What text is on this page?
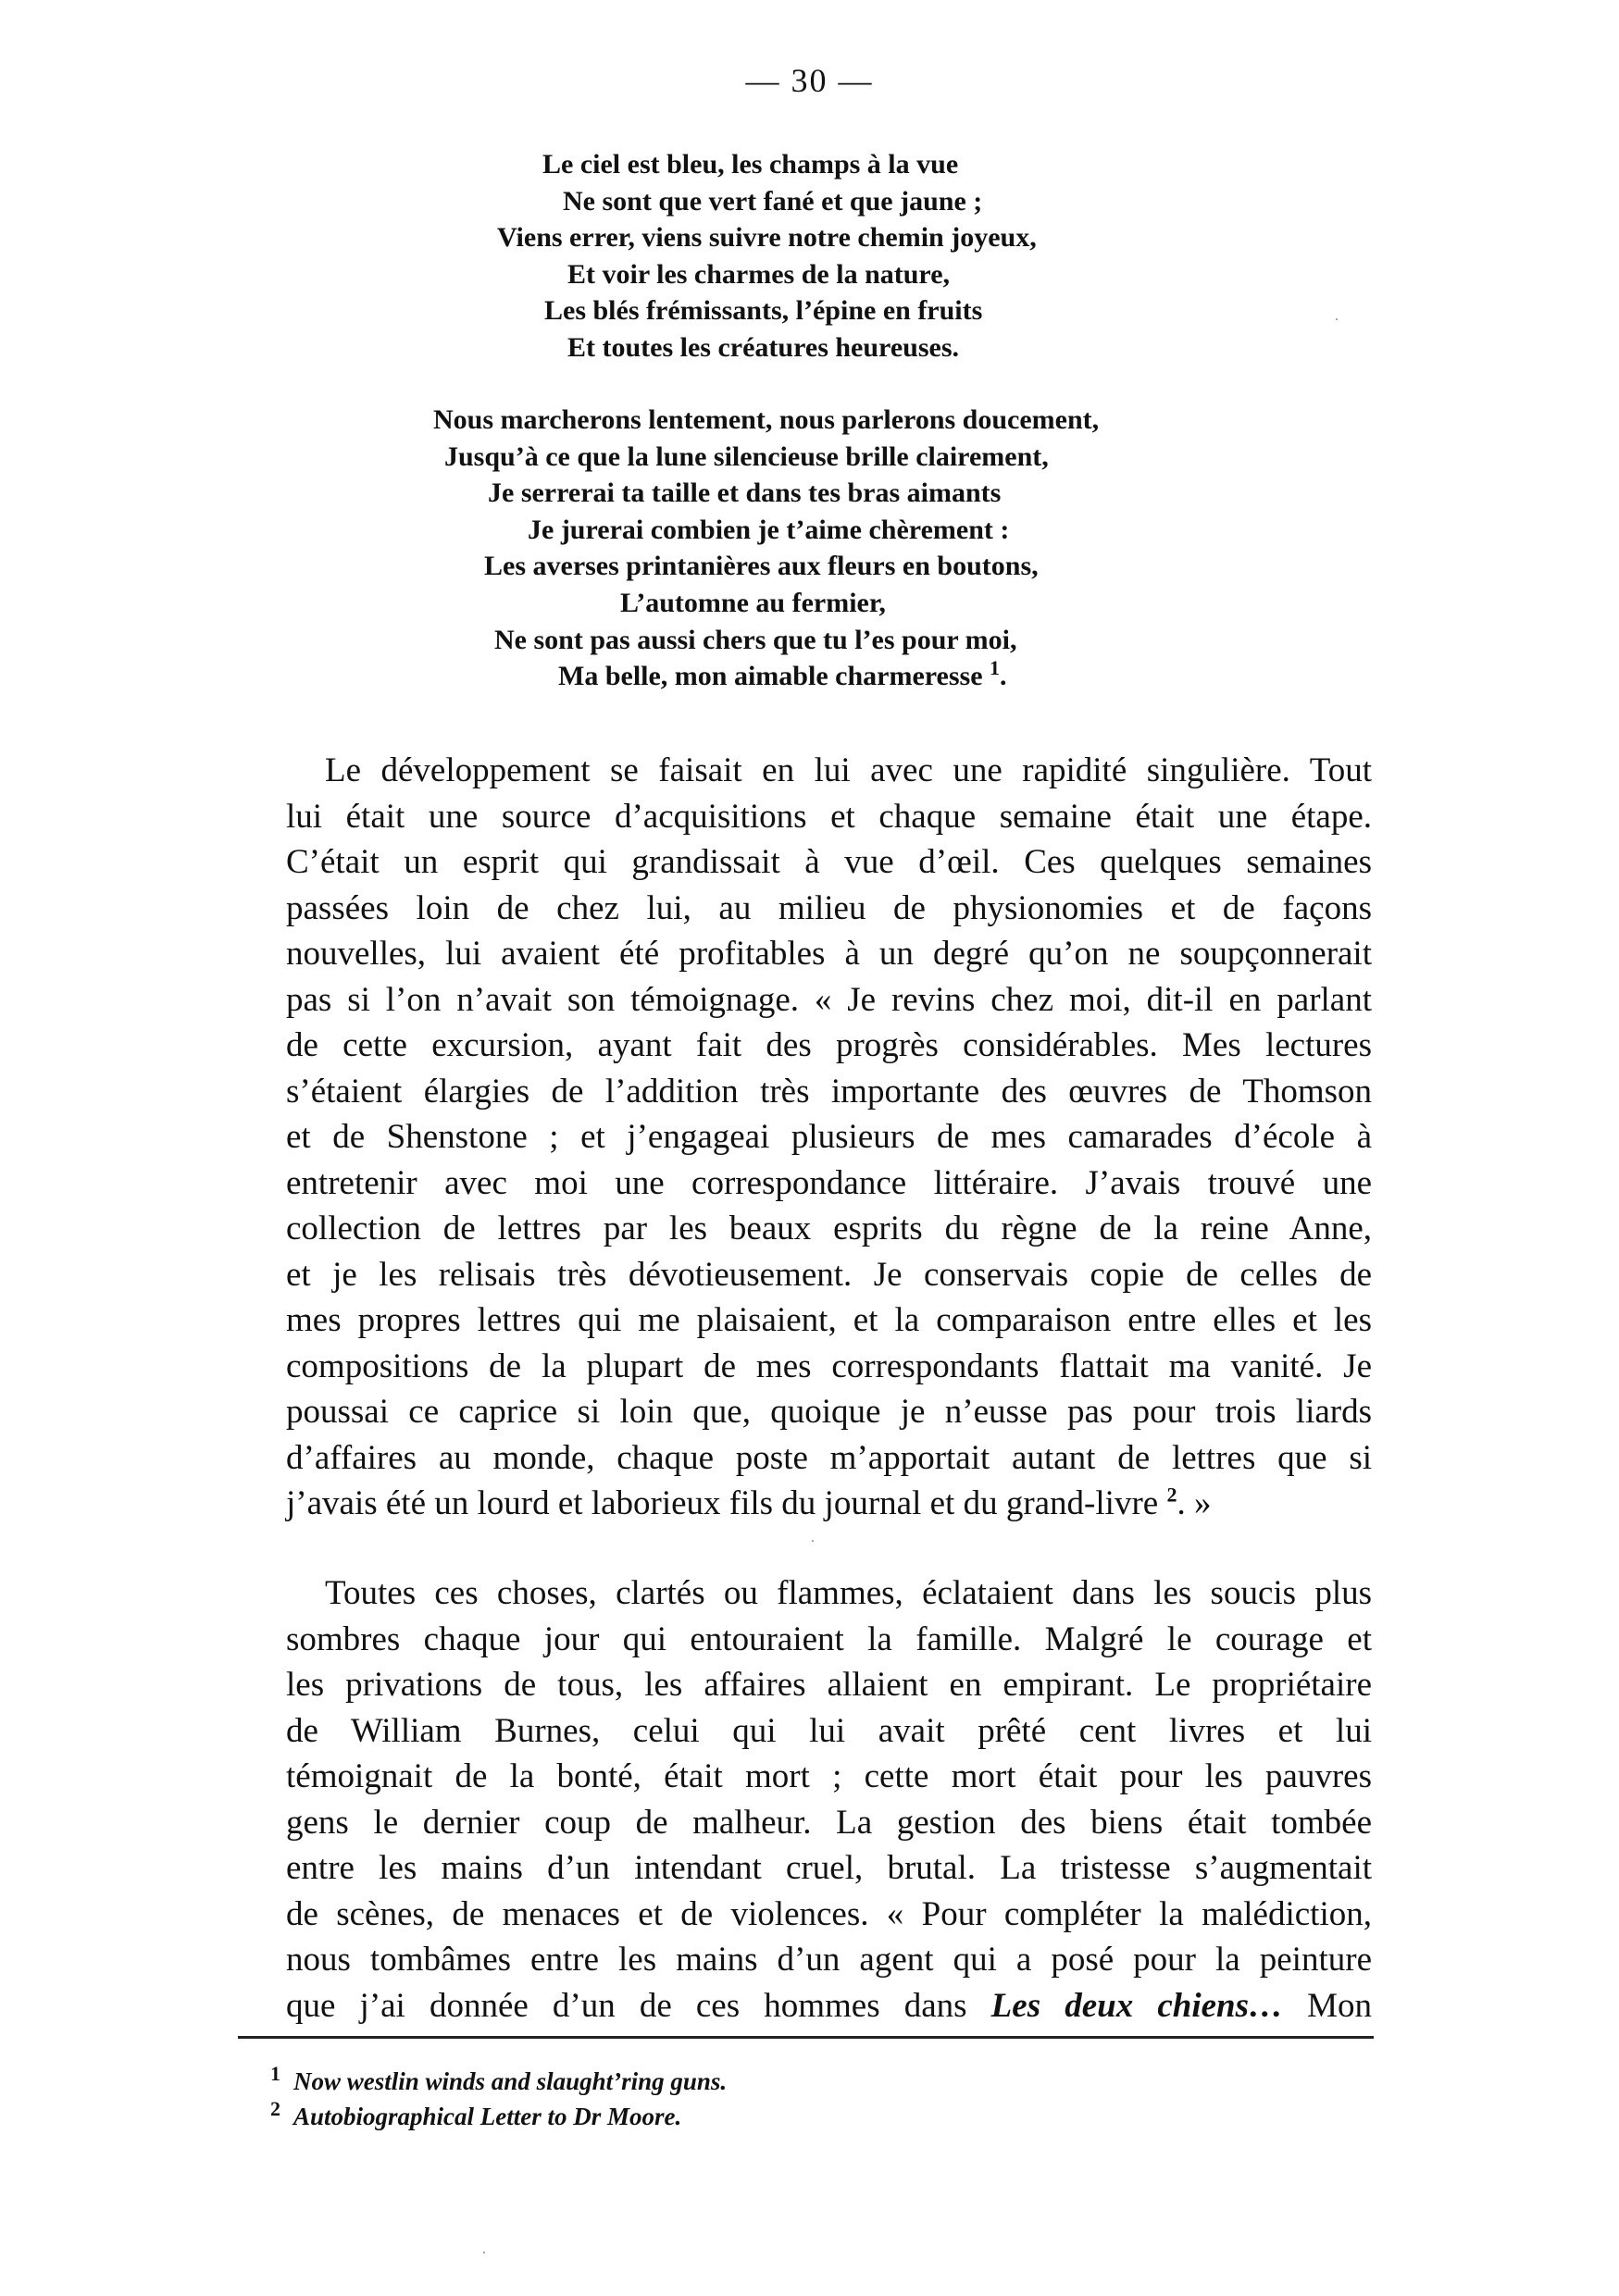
— 30 —
Le ciel est bleu, les champs à la vue
Ne sont que vert fané et que jaune ;
Viens errer, viens suivre notre chemin joyeux,
Et voir les charmes de la nature,
Les blés frémissants, l’épine en fruits
Et toutes les créatures heureuses.
Nous marcherons lentement, nous parlerons doucement,
Jusqu’à ce que la lune silencieuse brille clairement,
Je serrerai ta taille et dans tes bras aimants
Je jurerai combien je t’aime chèrement :
Les averses printanières aux fleurs en boutons,
L’automne au fermier,
Ne sont pas aussi chers que tu l’es pour moi,
Ma belle, mon aimable charmeresse $^1$.
Le développement se faisait en lui avec une rapidité singulière. Tout
lui était une source d’acquisitions et chaque semaine était une étape.
C’était un esprit qui grandissait à vue d’œil. Ces quelques semaines
passées loin de chez lui, au milieu de physionomies et de façons
nouvelles, lui avaient été profitables à un degré qu’on ne soupçonnerait
pas si l’on n’avait son témoignage. « Je revins chez moi, dit-il en parlant
de cette excursion, ayant fait des progrès considérables. Mes lectures
s’étaient élargies de l’addition très importante des œuvres de Thomson
et de Shenstone ; et j’engageai plusieurs de mes camarades d’école à
entretenir avec moi une correspondance littéraire. J’avais trouvé une
collection de lettres par les beaux esprits du règne de la reine Anne,
et je les relisais très dévotieusement. Je conservais copie de celles de
mes propres lettres qui me plaisaient, et la comparaison entre elles et les
compositions de la plupart de mes correspondants flattait ma vanité. Je
poussai ce caprice si loin que, quoique je n’eusse pas pour trois liards
d’affaires au monde, chaque poste m’apportait autant de lettres que si
j’avais été un lourd et laborieux fils du journal et du grand-livre $^2$. »
Toutes ces choses, clartés ou flammes, éclataient dans les soucis plus
sombres chaque jour qui entouraient la famille. Malgré le courage et
les privations de tous, les affaires allaient en empirant. Le propriétaire
de William Burnes, celui qui lui avait prêté cent livres et lui
témoignait de la bonté, était mort ; cette mort était pour les pauvres
gens le dernier coup de malheur. La gestion des biens était tombée
entre les mains d’un intendant cruel, brutal. La tristesse s’augmentait
de scènes, de menaces et de violences. « Pour compléter la malédiction,
nous tombâmes entre les mains d’un agent qui a posé pour la peinture
que j’ai donnée d’un de ces hommes dans Les deux chiens… Mon
$^1$ Now westlin winds and slaught’ring guns.
$^2$ Autobiographical Letter to Dr Moore.
